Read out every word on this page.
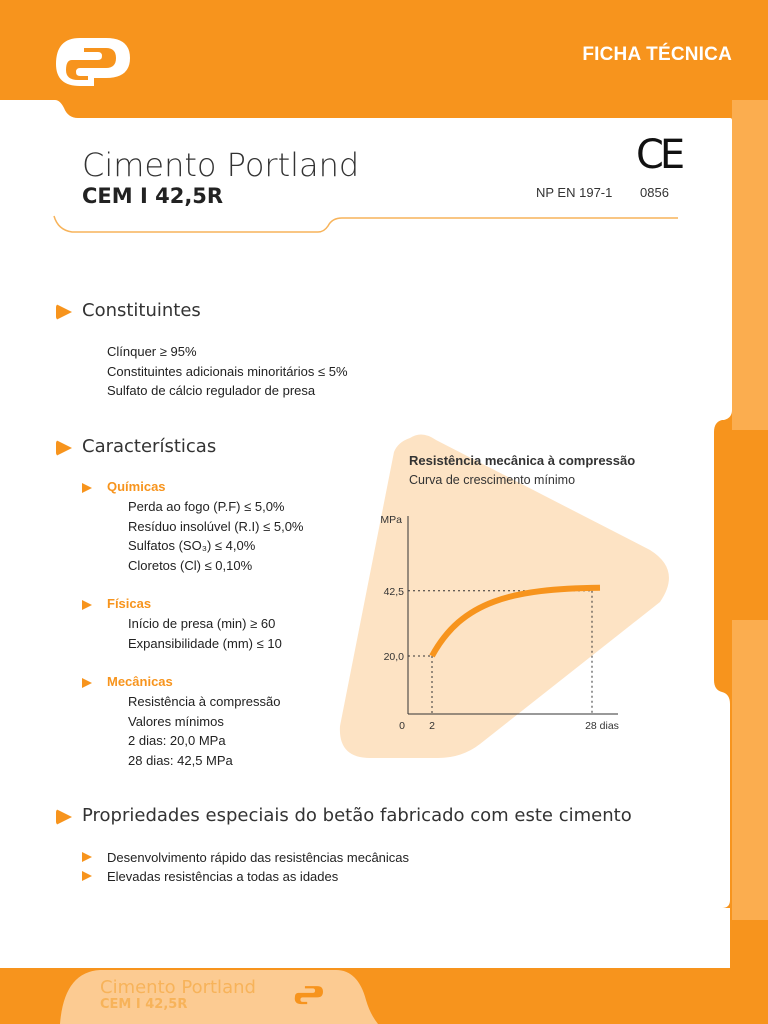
FICHA TÉCNICA
Cimento Portland
CEM I 42,5R
CE
NP EN 197-1 0856
Constituintes
Clínquer ≥ 95%
Constituintes adicionais minoritários ≤ 5%
Sulfato de cálcio regulador de presa
Características
Químicas
Perda ao fogo (P.F) ≤ 5,0%
Resíduo insolúvel (R.I) ≤ 5,0%
Sulfatos (SO₃) ≤ 4,0%
Cloretos (Cl) ≤ 0,10%
Físicas
Início de presa (min) ≥ 60
Expansibilidade (mm) ≤ 10
Mecânicas
Resistência à compressão
Valores mínimos
2 dias: 20,0 MPa
28 dias: 42,5 MPa
MPa
42,5
20,0
0 2	28 dias
Resistência mecânica à compressão
Curva de crescimento mínimo
Propriedades especiais do betão fabricado com este cimento
Desenvolvimento rápido das resistências mecânicas
Elevadas resistências a todas as idades
Cimento Portland
CEM I 42,5R
